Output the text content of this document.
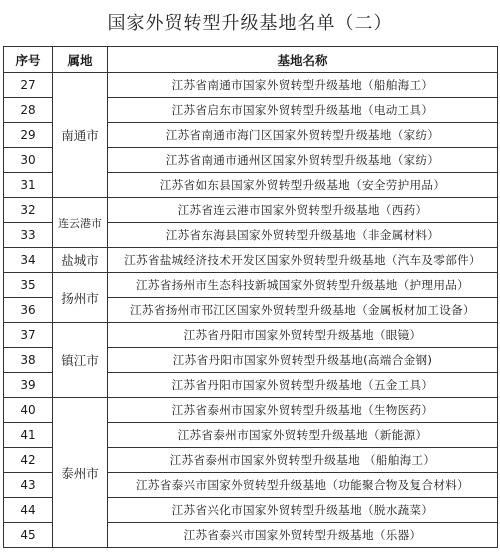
国家外贸转型升级基地名单（二）
序号	属地	基地名称
27	南通市	江苏省南通市国家外贸转型升级基地（船舶海工）
28		江苏省启东市国家外贸转型升级基地（电动工具）
29		江苏省南通市海门区国家外贸转型升级基地（家纺）
30		江苏省南通市通州区国家外贸转型升级基地（家纺）
31		江苏省如东县国家外贸转型升级基地（安全劳护用品）
32	连云港市	江苏省连云港市国家外贸转型升级基地（西药）
33		江苏省东海县国家外贸转型升级基地（非金属材料）
34	盐城市	江苏省盐城经济技术开发区国家外贸转型升级基地（汽车及零部件）
35	扬州市	江苏省扬州市生态科技新城国家外贸转型升级基地（护理用品）
36		江苏省扬州市邗江区国家外贸转型升级基地（金属板材加工设备）
37	镇江市	江苏省丹阳市国家外贸转型升级基地（眼镜）
38		江苏省丹阳市国家外贸转型升级基地(高端合金钢)
39		江苏省丹阳市国家外贸转型升级基地（五金工具）
40	泰州市	江苏省泰州市国家外贸转型升级基地（生物医药）
41		江苏省泰州市国家外贸转型升级基地（新能源）
42		江苏省泰州市国家外贸转型升级基地 （船舶海工）
43		江苏省泰兴市国家外贸转型升级基地（功能聚合物及复合材料）
44		江苏省兴化市国家外贸转型升级基地（脱水蔬菜）
45		江苏省泰兴市国家外贸转型升级基地（乐器）
